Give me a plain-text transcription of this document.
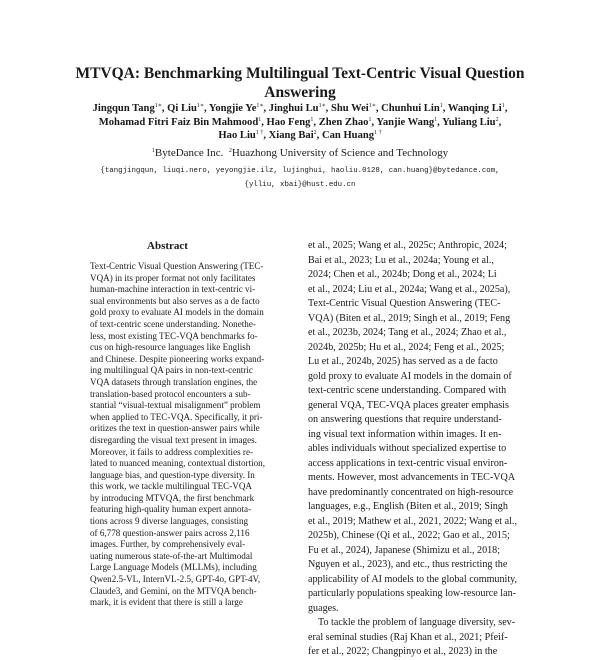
MTVQA: Benchmarking Multilingual Text-Centric Visual Question
Answering
Jingqun Tang$^{1∗}$, Qi Liu$^{1∗}$, Yongjie $Ye^{1∗}$, Jinghui $Lu^{1∗}$, Shu Wei$^{1∗}$, Chunhui Lin$^1$, Wanqing Li$^1$,
Mohamad Fitri Faiz Bin Mahmood$^1$, Hao Feng$^1$, Zhen Zhao$^1$, Yanjie Wang$^1$, Yuliang Liu$^2$,
Hao Liu$^{1 \dagger}$, Xiang Bai$^2$, Can Huang$^{1 \dagger}$
$^1$ByteDance Inc. $^2$Huazhong University of Science and Technology
{tangjingqun, liuqi.nero, yeyongjie.ilz, lujinghui, haoliu.0128, can.huang}@bytedance.com,
{ylliu, xbai}@hust.edu.cn
Abstract
Text-Centric Visual Question Answering (TEC-
VQA) in its proper format not only facilitates
human-machine interaction in text-centric vi-
sual environments but also serves as a de facto
gold proxy to evaluate AI models in the domain
of text-centric scene understanding. Nonethe-
less, most existing TEC-VQA benchmarks fo-
cus on high-resource languages like English
and Chinese. Despite pioneering works expand-
ing multilingual QA pairs in non-text-centric
VQA datasets through translation engines, the
translation-based protocol encounters a sub-
stantial “visual-textual misalignment” problem
when applied to TEC-VQA. Specifically, it pri-
oritizes the text in question-answer pairs while
disregarding the visual text present in images.
Moreover, it fails to address complexities re-
lated to nuanced meaning, contextual distortion,
language bias, and question-type diversity. In
this work, we tackle multilingual TEC-VQA
by introducing MTVQA, the first benchmark
featuring high-quality human expert annota-
tions across 9 diverse languages, consisting
of 6,778 question-answer pairs across 2,116
images. Further, by comprehensively eval-
uating numerous state-of-the-art Multimodal
Large Language Models (MLLMs), including
Qwen2.5-VL, InternVL-2.5, GPT-4o, GPT-4V,
Claude3, and Gemini, on the MTVQA bench-
mark, it is evident that there is still a large
et al., 2025; Wang et al., 2025c; Anthropic, 2024;
Bai et al., 2023; Lu et al., 2024a; Young et al.,
2024; Chen et al., 2024b; Dong et al., 2024; Li
et al., 2024; Liu et al., 2024a; Wang et al., 2025a),
Text-Centric Visual Question Answering (TEC-
VQA) (Biten et al., 2019; Singh et al., 2019; Feng
et al., 2023b, 2024; Tang et al., 2024; Zhao et al.,
2024b, 2025b; Hu et al., 2024; Feng et al., 2025;
Lu et al., 2024b, 2025) has served as a de facto
gold proxy to evaluate AI models in the domain of
text-centric scene understanding. Compared with
general VQA, TEC-VQA places greater emphasis
on answering questions that require understand-
ing visual text information within images. It en-
ables individuals without specialized expertise to
access applications in text-centric visual environ-
ments. However, most advancements in TEC-VQA
have predominantly concentrated on high-resource
languages, e.g., English (Biten et al., 2019; Singh
et al., 2019; Mathew et al., 2021, 2022; Wang et al.,
2025b), Chinese (Qi et al., 2022; Gao et al., 2015;
Fu et al., 2024), Japanese (Shimizu et al., 2018;
Nguyen et al., 2023), and etc., thus restricting the
applicability of AI models to the global community,
particularly populations speaking low-resource lan-
guages.
To tackle the problem of language diversity, sev-
eral seminal studies (Raj Khan et al., 2021; Pfeif-
fer et al., 2022; Changpinyo et al., 2023) in the
